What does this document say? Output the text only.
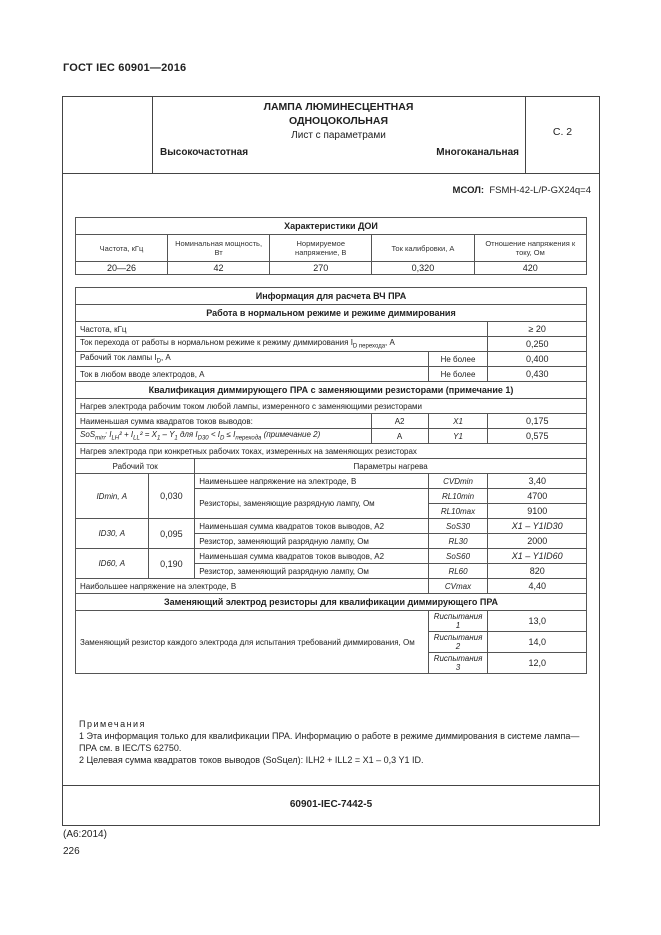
ГОСТ IEC 60901—2016
ЛАМПА ЛЮМИНЕСЦЕНТНАЯ
ОДНОЦОКОЛЬНАЯ
Лист с параметрами
Высокочастотная	Многоканальная
С. 2
МСОЛ: FSMH-42-L/P-GX24q=4
Характеристики ДОИ				
Частота, кГц	Номинальная мощность, Вт	Нормируемое напряжение, В	Ток калибровки, А	Отношение напряжения к току, Ом
20—26	42	270	0,320	420
Информация для расчета ВЧ ПРА					
Работа в нормальном режиме и режиме диммирования					
Частота, кГц					≥ 20
Ток перехода от работы в нормальном режиме к режиму диммирования $I_{D перехода}$, А					0,250
Рабочий ток лампы $I_D$, А				Не более	0,400
Ток в любом вводе электродов, А				Не более	0,430
Квалификация диммирующего ПРА с заменяющими резисторами (примечание 1)					
Нагрев электрода рабочим током любой лампы, измеренного с заменяющими резисторами					
Наименьшая сумма квадратов токов выводов:			A2	X1	0,175
SoS$_{min}$: $I_{LH}^2 + I_{LL}^2 = X_1 - Y_1$ для $I_{D30} < I_D \le I_{перехода}$ (примечание 2)			А	Y1	0,575
Нагрев электрода при конкретных рабочих токах, измеренных на заменяющих резисторах					
Рабочий ток		Параметры нагрева			
IDmin, А	0,030	Наименьшее напряжение на электроде, В		CVDmin	3,40
		Резисторы, заменяющие разрядную лампу, Ом		RL10min	4700
				RL10max	9100
ID30, А	0,095	Наименьшая сумма квадратов токов выводов, А2		SoS30	X1 – Y1ID30
		Резистор, заменяющий разрядную лампу, Ом		RL30	2000
ID60, А	0,190	Наименьшая сумма квадратов токов выводов, А2		SoS60	X1 – Y1ID60
		Резистор, заменяющий разрядную лампу, Ом		RL60	820
Наибольшее напряжение на электроде, В				CVmax	4,40
Заменяющий электрод резисторы для квалификации диммирующего ПРА					
Заменяющий резистор каждого электрода для испытания требований диммирования, Ом				Rиспытания 1	13,0
				Rиспытания 2	14,0
				Rиспытания 3	12,0
Примечания
1 Эта информация только для квалификации ПРА. Информацию о работе в режиме диммирования в системе лампа—ПРА см. в IEC/TS 62750.
2 Целевая сумма квадратов токов выводов (SoSцел): ILH2 + ILL2 = X1 – 0,3 Y1 ID.
60901-IEC-7442-5
(A6:2014)
226
